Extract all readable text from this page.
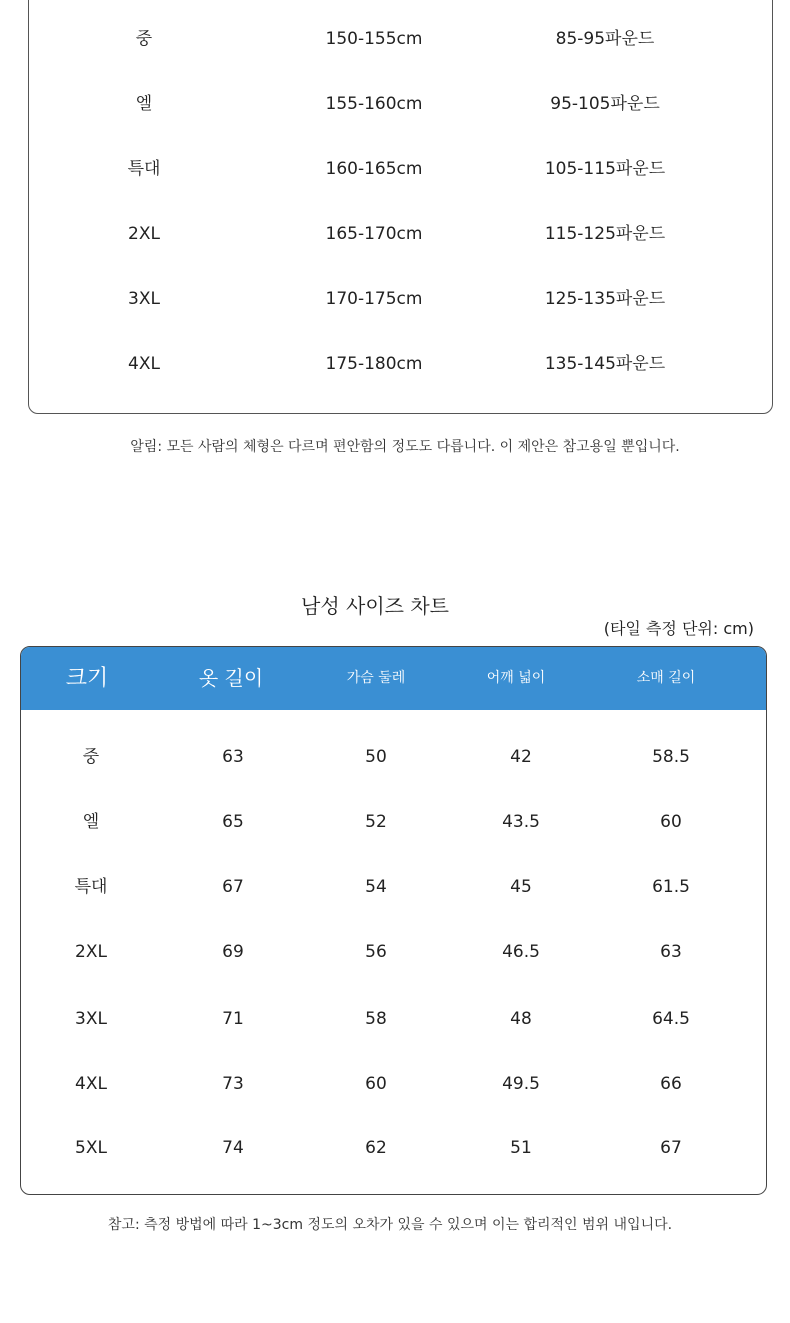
중	150-155cm	85-95파운드
엘	155-160cm	95-105파운드
특대	160-165cm	105-115파운드
2XL	165-170cm	115-125파운드
3XL	170-175cm	125-135파운드
4XL	175-180cm	135-145파운드
알림: 모든 사람의 체형은 다르며 편안함의 정도도 다릅니다. 이 제안은 참고용일 뿐입니다.
남성 사이즈 차트
(타일 측정 단위: cm)
크기	옷 길이	가슴 둘레	어깨 넓이	소매 길이
중	63	50	42	58.5
엘	65	52	43.5	60
특대	67	54	45	61.5
2XL	69	56	46.5	63
3XL	71	58	48	64.5
4XL	73	60	49.5	66
5XL	74	62	51	67
참고: 측정 방법에 따라 1~3cm 정도의 오차가 있을 수 있으며 이는 합리적인 범위 내입니다.
